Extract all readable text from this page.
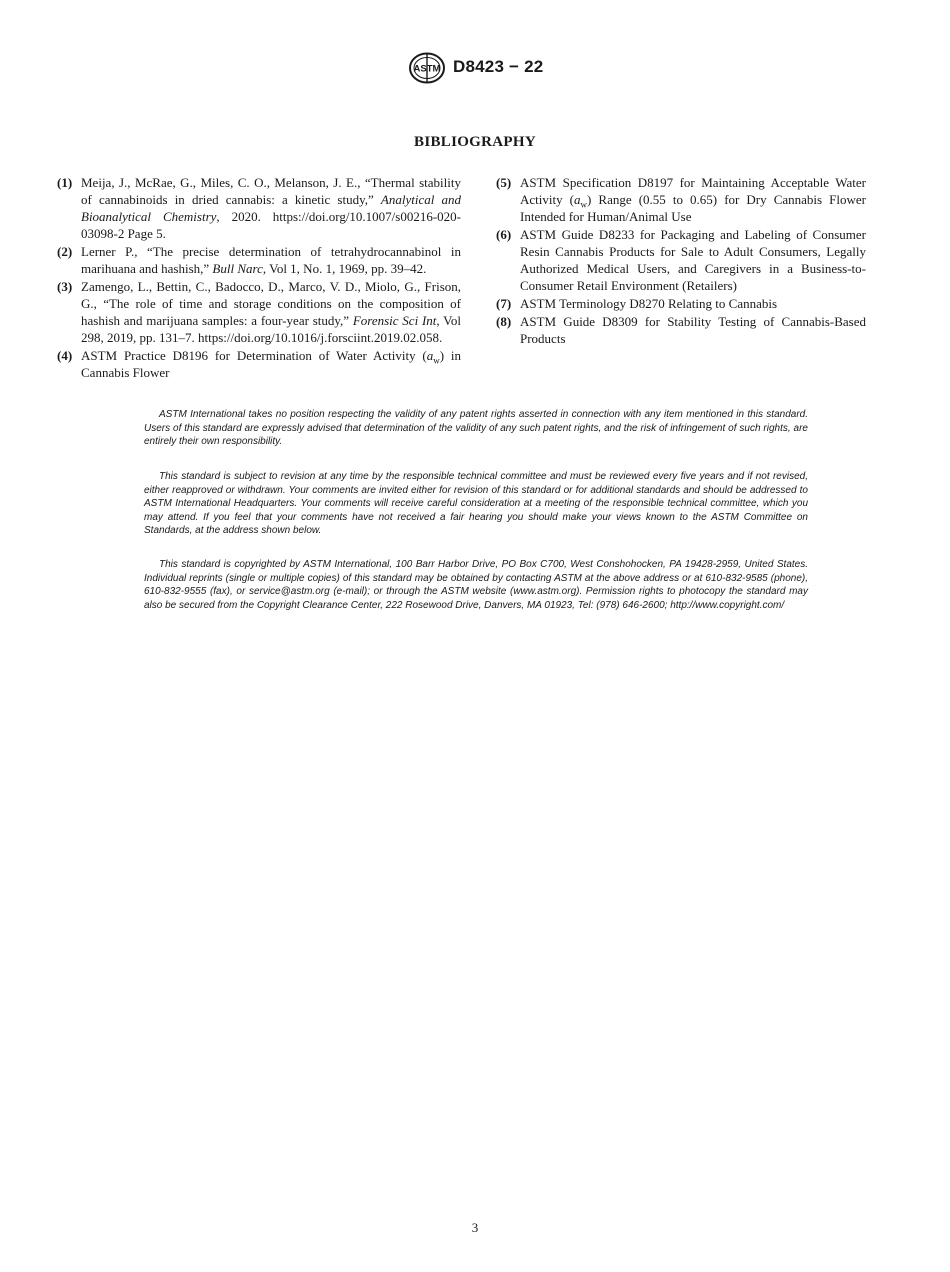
ASTM D8423 − 22
BIBLIOGRAPHY
( 1 )	Meija, J., McRae, G., Miles, C. O., Melanson, J. E., “Thermal stability of cannabinoids in dried cannabis: a kinetic study,” Analytical and Bioanalytical Chemistry, 2020. https://doi.org/10.1007/s00216-020-03098-2 Page 5.
( 2 )	Lerner P., “The precise determination of tetrahydrocannabinol in marihuana and hashish,” Bull Narc, Vol 1, No. 1, 1969, pp. 39–42.
( 3 )	Zamengo, L., Bettin, C., Badocco, D., Marco, V. D., Miolo, G., Frison, G., “The role of time and storage conditions on the composition of hashish and marijuana samples: a four-year study,” Forensic Sci Int, Vol 298, 2019, pp. 131–7. https://doi.org/10.1016/j.forsciint.2019.02.058.
( 4 )	ASTM Practice D8196 for Determination of Water Activity $(a_w)$ in Cannabis Flower
( 5 )	ASTM Specification D8197 for Maintaining Acceptable Water Activity $(a_w)$ Range (0.55 to 0.65) for Dry Cannabis Flower Intended for Human/Animal Use
( 6 )	ASTM Guide D8233 for Packaging and Labeling of Consumer Resin Cannabis Products for Sale to Adult Consumers, Legally Authorized Medical Users, and Caregivers in a Business-to-Consumer Retail Environment (Retailers)
( 7 )	ASTM Terminology D8270 Relating to Cannabis
( 8 )	ASTM Guide D8309 for Stability Testing of Cannabis-Based Products

ASTM International takes no position respecting the validity of any patent rights asserted in connection with any item mentioned in this standard. Users of this standard are expressly advised that determination of the validity of any such patent rights, and the risk of infringement of such rights, are entirely their own responsibility.

This standard is subject to revision at any time by the responsible technical committee and must be reviewed every five years and if not revised, either reapproved or withdrawn. Your comments are invited either for revision of this standard or for additional standards and should be addressed to ASTM International Headquarters. Your comments will receive careful consideration at a meeting of the responsible technical committee, which you may attend. If you feel that your comments have not received a fair hearing you should make your views known to the ASTM Committee on Standards, at the address shown below.

This standard is copyrighted by ASTM International, 100 Barr Harbor Drive, PO Box C700, West Conshohocken, PA 19428-2959, United States. Individual reprints (single or multiple copies) of this standard may be obtained by contacting ASTM at the above address or at 610-832-9585 (phone), 610-832-9555 (fax), or service@astm.org (e-mail); or through the ASTM website (www.astm.org). Permission rights to photocopy the standard may also be secured from the Copyright Clearance Center, 222 Rosewood Drive, Danvers, MA 01923, Tel: (978) 646-2600; http://www.copyright.com/

3
